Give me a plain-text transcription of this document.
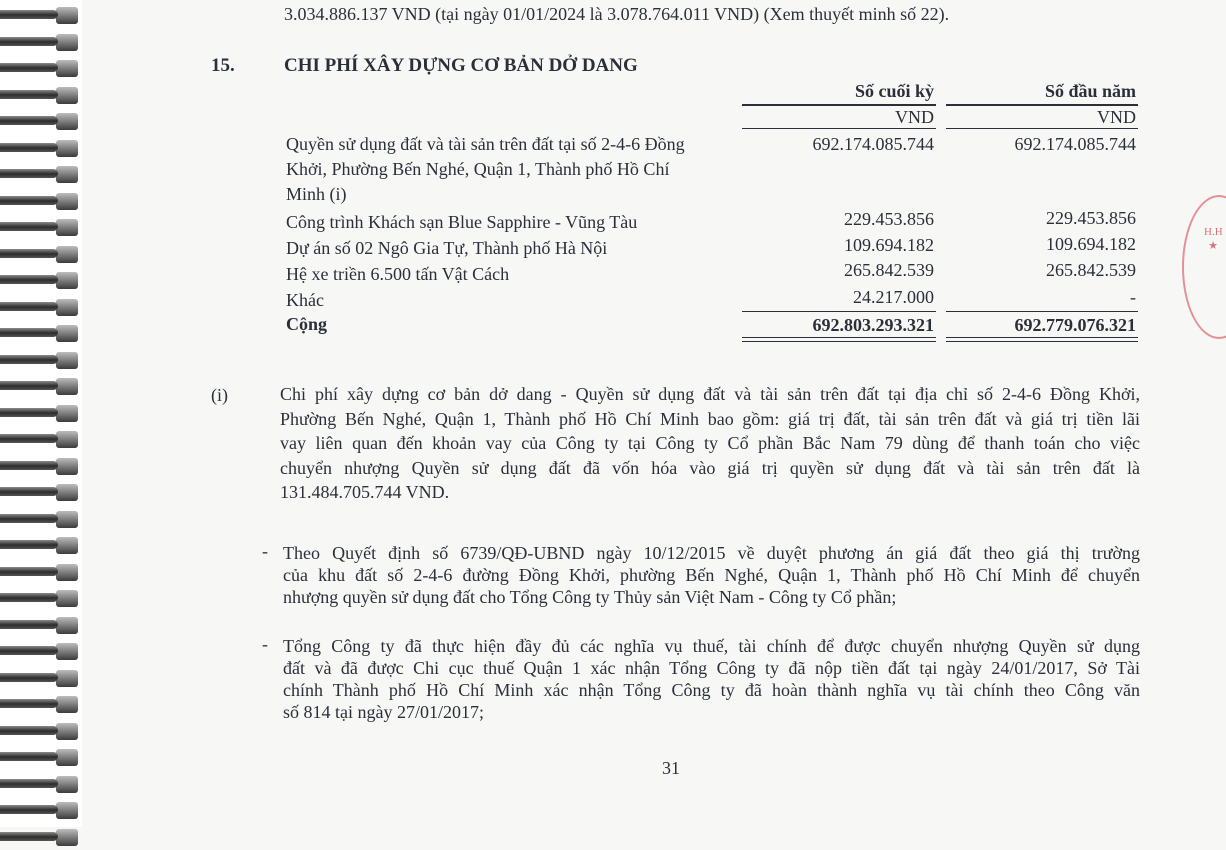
3.034.886.137 VND (tại ngày 01/01/2024 là 3.078.764.011 VND) (Xem thuyết minh số 22).
15.	CHI PHÍ XÂY DỰNG CƠ BẢN DỞ DANG
Số cuối kỳ	Số đầu năm
VND	VND
Quyền sử dụng đất và tài sản trên đất tại số 2-4-6 Đồng
Khởi, Phường Bến Nghé, Quận 1, Thành phố Hồ Chí
Minh (i)
692.174.085.744	692.174.085.744
Công trình Khách sạn Blue Sapphire - Vũng Tàu	229.453.856	229.453.856
Dự án số 02 Ngô Gia Tự, Thành phố Hà Nội	109.694.182	109.694.182
Hệ xe triền 6.500 tấn Vật Cách	265.842.539	265.842.539
Khác	24.217.000	-
Cộng	692.803.293.321	692.779.076.321
(i)	Chi phí xây dựng cơ bản dở dang - Quyền sử dụng đất và tài sản trên đất tại địa chỉ số 2-4-6 Đồng Khởi,
Phường Bến Nghé, Quận 1, Thành phố Hồ Chí Minh bao gồm: giá trị đất, tài sản trên đất và giá trị tiền lãi
vay liên quan đến khoản vay của Công ty tại Công ty Cổ phần Bắc Nam 79 dùng để thanh toán cho việc
chuyển nhượng Quyền sử dụng đất đã vốn hóa vào giá trị quyền sử dụng đất và tài sản trên đất là
131.484.705.744 VND.
- Theo Quyết định số 6739/QĐ-UBND ngày 10/12/2015 về duyệt phương án giá đất theo giá thị trường
của khu đất số 2-4-6 đường Đồng Khởi, phường Bến Nghé, Quận 1, Thành phố Hồ Chí Minh để chuyển
nhượng quyền sử dụng đất cho Tổng Công ty Thủy sản Việt Nam - Công ty Cổ phần;
- Tổng Công ty đã thực hiện đầy đủ các nghĩa vụ thuế, tài chính để được chuyển nhượng Quyền sử dụng
đất và đã được Chi cục thuế Quận 1 xác nhận Tổng Công ty đã nộp tiền đất tại ngày 24/01/2017, Sở Tài
chính Thành phố Hồ Chí Minh xác nhận Tổng Công ty đã hoàn thành nghĩa vụ tài chính theo Công văn
số 814 tại ngày 27/01/2017;
31
H.H ★
